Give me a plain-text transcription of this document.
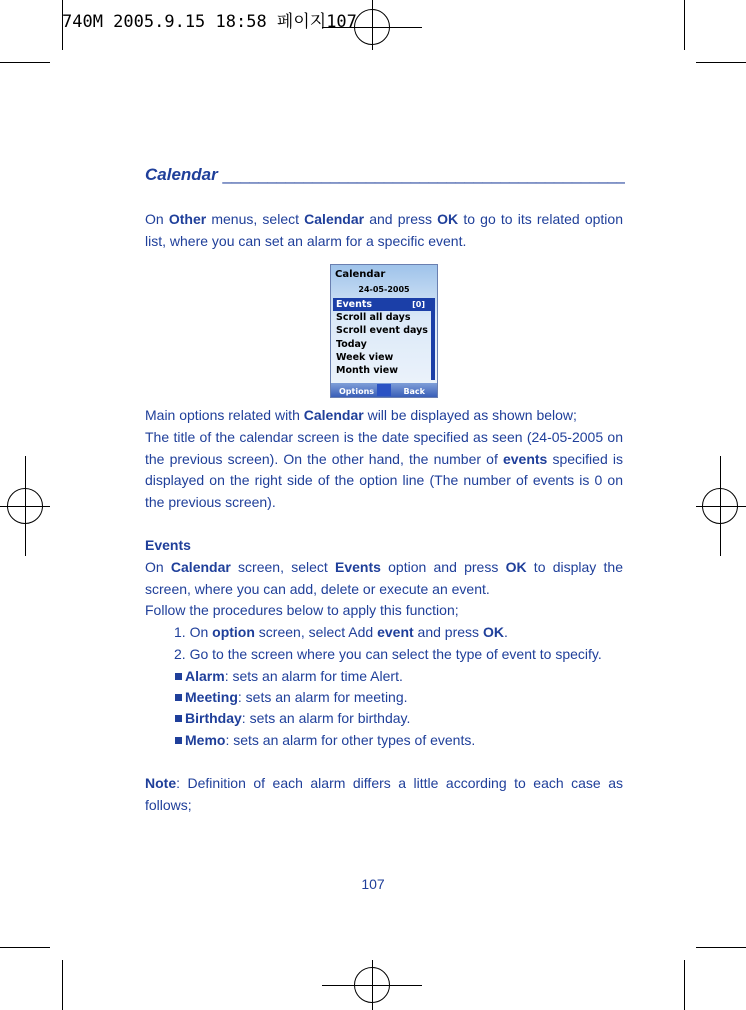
740M 2005.9.15 18:58 페이지107
Calendar _____________________________________________

On Other menus, select Calendar and press OK to go to its related option list, where you can set an alarm for a specific event.

Calendar
24-05-2005
Events	[0]
Scroll all days
Scroll event days
Today
Week view
Month view
Options	Back

Main options related with Calendar will be displayed as shown below;

The title of the calendar screen is the date specified as seen (24-05-2005 on the previous screen). On the other hand, the number of events specified is displayed on the right side of the option line (The number of events is 0 on the previous screen).

Events

On Calendar screen, select Events option and press OK to display the screen, where you can add, delete or execute an event.

Follow the procedures below to apply this function;

1. On option screen, select Add event and press OK.

2. Go to the screen where you can select the type of event to specify.

Alarm: sets an alarm for time Alert.

Meeting: sets an alarm for meeting.

Birthday: sets an alarm for birthday.

Memo: sets an alarm for other types of events.

Note: Definition of each alarm differs a little according to each case as follows;

107
